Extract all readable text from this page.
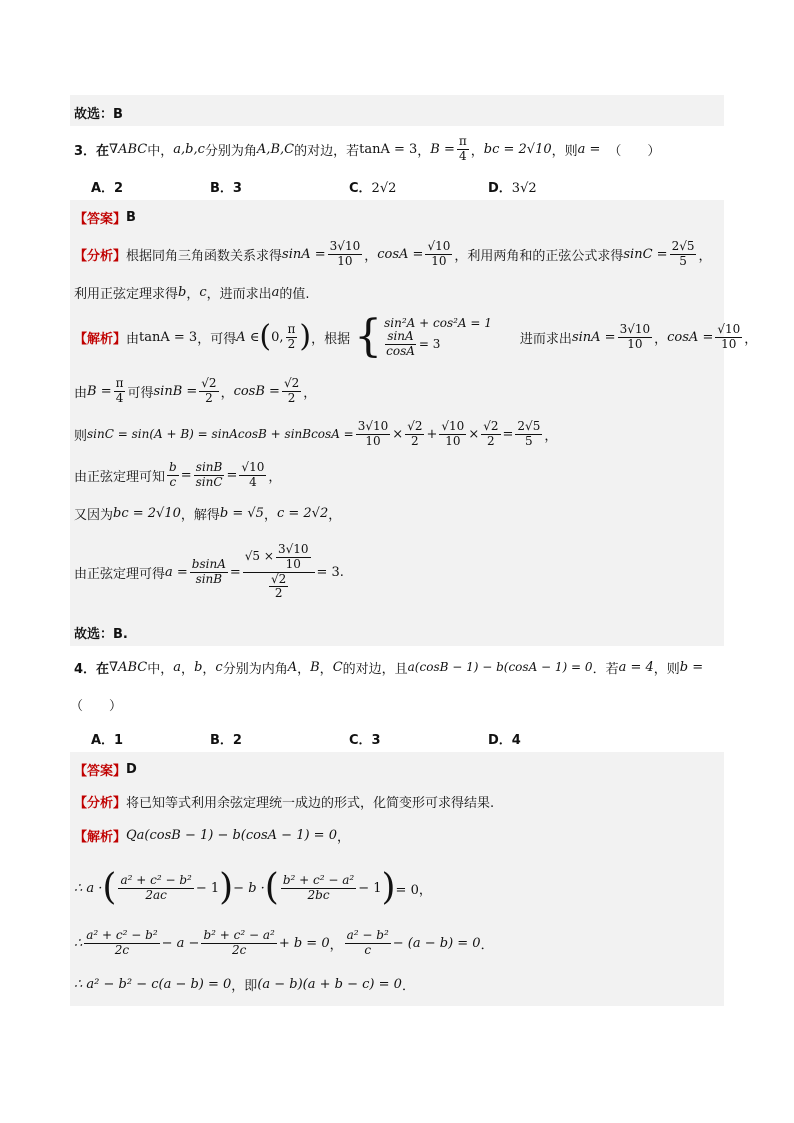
故选：B
3．在 ∇ABC 中， a,b,c 分别为角 A,B,C 的对边，若 tanA = 3 ， $B = \frac{\pi}{4}$ ， bc = 2√10 ，则 a = （　　）
A．2	B．3	C．2√2	D．3√2
【答案】 B
【分析】 根据同角三角函数关系求得 $\sin A = \frac{3√10}{10}$ ， $\cos A = \frac{√10}{10}$ ，利用两角和的正弦公式求得 $\sin C = \frac{2√5}{5}$ ，
利用正弦定理求得 b ， c ，进而求出 a 的值.
【解析】 由 tanA = 3 ，可得 A ∈ ( 0, $\frac{\pi}{2}$ ) ，根据 { sin²A + cos²A = 1
$\frac{\sin A}{\cos A} = 3$	进而求出 $\sin A = \frac{3√10}{10}$ ， $\cos A = \frac{√10}{10}$ ，
由 $B = \frac{\pi}{4}$ 可得 $\sin B = \frac{√2}{2}$ ， $\cos B = \frac{√2}{2}$ ，
则 sinC = sin(A + B) = sinAcosB + sinBcosA = $\frac{3√10}{10} \times \frac{√2}{2} + \frac{√10}{10} \times \frac{√2}{2} = \frac{2√5}{5}$ ，
由正弦定理可知 $\frac{b}{c} = \frac{\sin B}{\sin C} = \frac{√10}{4}$ ，
又因为 bc = 2√10 ，解得 b = √5 ， c = 2√2 ，
由正弦定理可得 $a = \frac{bsinA}{\sin B} = \frac{√5 \times \frac{3√10}{10}}{\frac{√2}{2}} = 3$ .
故选：B.
4．在 ∇ABC 中， a ， b ， c 分别为内角 A ， B ， C 的对边，且 a(cosB − 1) − b(cosA − 1) = 0 ．若 a = 4 ，则 b =
（　　）
A．1	B．2	C．3	D．4
【答案】 D
【分析】 将已知等式利用余弦定理统一成边的形式，化简变形可求得结果.
【解析】 Qa(cosB − 1) − b(cosA − 1) = 0 ，
∴ a · ( $\frac{\text{a² + c² − b²}}{2ac} - 1$ ) − b · ( $\frac{\text{b² + c² − a²}}{2bc} - 1$ ) = 0，
∴ $\frac{\text{a² + c² − b²}}{2c} - a - \frac{\text{b² + c² − a²}}{2c} + b = 0$ ， $\frac{\text{a² − b²}}{c} - (a - b) = 0$ ．
∴ a² − b² − c(a − b) = 0 ，即 (a − b)(a + b − c) = 0 ．
